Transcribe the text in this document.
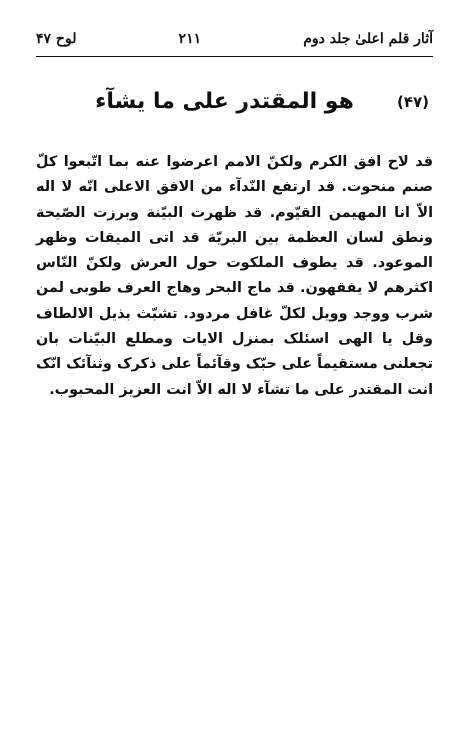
آثار قلم اعلیٰ جلد دوم
۲۱۱
لوح ۴۷
(۴۷)
هو المقتدر علی ما یشآء

قد لاح افق الکرم ولکنّ الامم اعرضوا عنه بما اتّبعوا کلّ صنم منحوت. قد ارتفع النّدآء من الافق الاعلی انّه لا اله الاّ انا المهیمن القیّوم. قد ظهرت البیّنة وبرزت الصّیحة ونطق لسان العظمة بین البریّة قد اتی المیقات وظهر الموعود. قد یطوف الملکوت حول العرش ولکنّ النّاس اکثرهم لا یفقهون. قد ماج البحر وهاج العرف طوبی لمن شرب ووجد وویل لکلّ غافل مردود. تشبّث بذیل الالطاف وقل یا الهی اسئلک بمنزل الایات ومطلع البیّنات بان تجعلنی مستقیماً علی حبّک وقآئماً علی ذکرک وثنآئک انّک انت المقتدر علی ما تشآء لا اله الاّ انت العزیز المحبوب.
